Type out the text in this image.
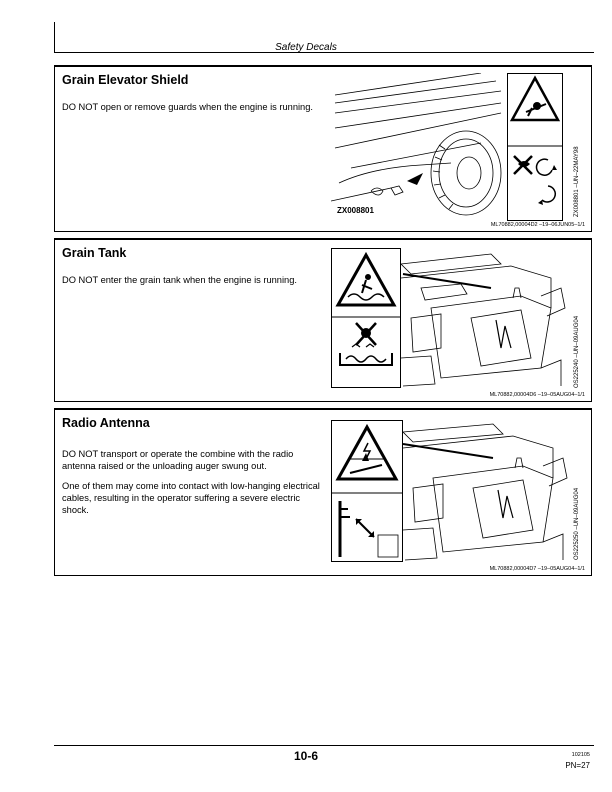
Safety Decals
Grain Elevator Shield

DO NOT open or remove guards when the engine is running.

ZX008801	ZX008801 –UN–22MAY98
ML70882,00004D2 –19–06JUN05–1/1
Grain Tank

DO NOT enter the grain tank when the engine is running.

OS225240 –UN–09AUG04
ML70882,00004D6 –19–05AUG04–1/1
Radio Antenna

DO NOT transport or operate the combine with the radio antenna raised or the unloading auger swung out.

One of them may come into contact with low-hanging electrical cables, resulting in the operator suffering a severe electric shock.	OS225250 –UN–09AUG04
ML70882,00004D7 –19–05AUG04–1/1
10-6	102105
PN=27
